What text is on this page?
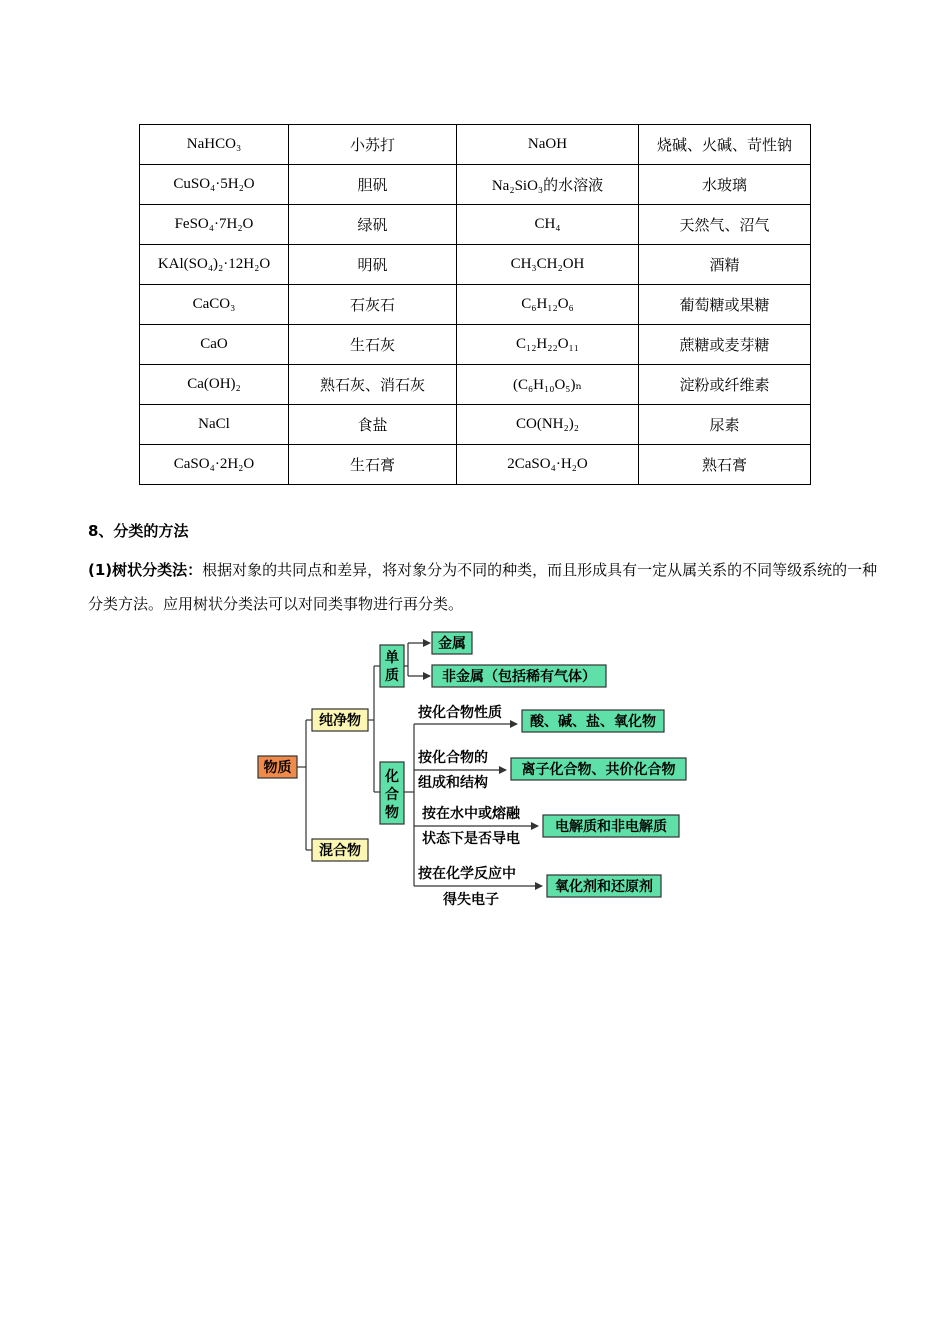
NaHCO₃	小苏打	NaOH	烧碱、火碱、苛性钠
CuSO₄·5H₂O	胆矾	Na₂SiO₃的水溶液	水玻璃
FeSO₄·7H₂O	绿矾	CH₄	天然气、沼气
KAl(SO₄)₂·12H₂O	明矾	CH₃CH₂OH	酒精
CaCO₃	石灰石	C₆H₁₂O₆	葡萄糖或果糖
CaO	生石灰	C₁₂H₂₂O₁₁	蔗糖或麦芽糖
Ca(OH)₂	熟石灰、消石灰	(C₆H₁₀O₅)ₙ	淀粉或纤维素
NaCl	食盐	CO(NH₂)₂	尿素
CaSO₄·2H₂O	生石膏	2CaSO₄·H₂O	熟石膏
8、分类的方法
(1)树状分类法：根据对象的共同点和差异，将对象分为不同的种类，而且形成具有一定从属关系的不同等级系统的一种分类方法。应用树状分类法可以对同类事物进行再分类。
物质
纯净物
混合物
单
质
化
合
物
金属
非金属（包括稀有气体）
酸、碱、盐、氧化物
离子化合物、共价化合物
电解质和非电解质
氧化剂和还原剂
按化合物性质
按化合物的
组成和结构
按在水中或熔融
状态下是否导电
按在化学反应中
得失电子
